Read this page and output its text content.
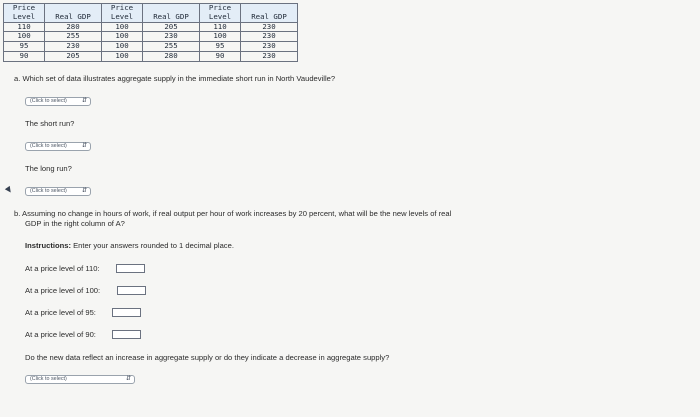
Price Level	Real GDP	Price Level	Real GDP	Price Level	Real GDP
110	280	100	205	110	230
100	255	100	230	100	230
95	230	100	255	95	230
90	205	100	280	90	230
a. Which set of data illustrates aggregate supply in the immediate short run in North Vaudeville?
(Click to select)	⇵
The short run?
(Click to select)	⇵
The long run?
(Click to select)	⇵
b. Assuming no change in hours of work, if real output per hour of work increases by 20 percent, what will be the new levels of real
GDP in the right column of A?
Instructions: Enter your answers rounded to 1 decimal place.
At a price level of 110:
At a price level of 100:
At a price level of 95:
At a price level of 90:
Do the new data reflect an increase in aggregate supply or do they indicate a decrease in aggregate supply?
(Click to select)	⇵
